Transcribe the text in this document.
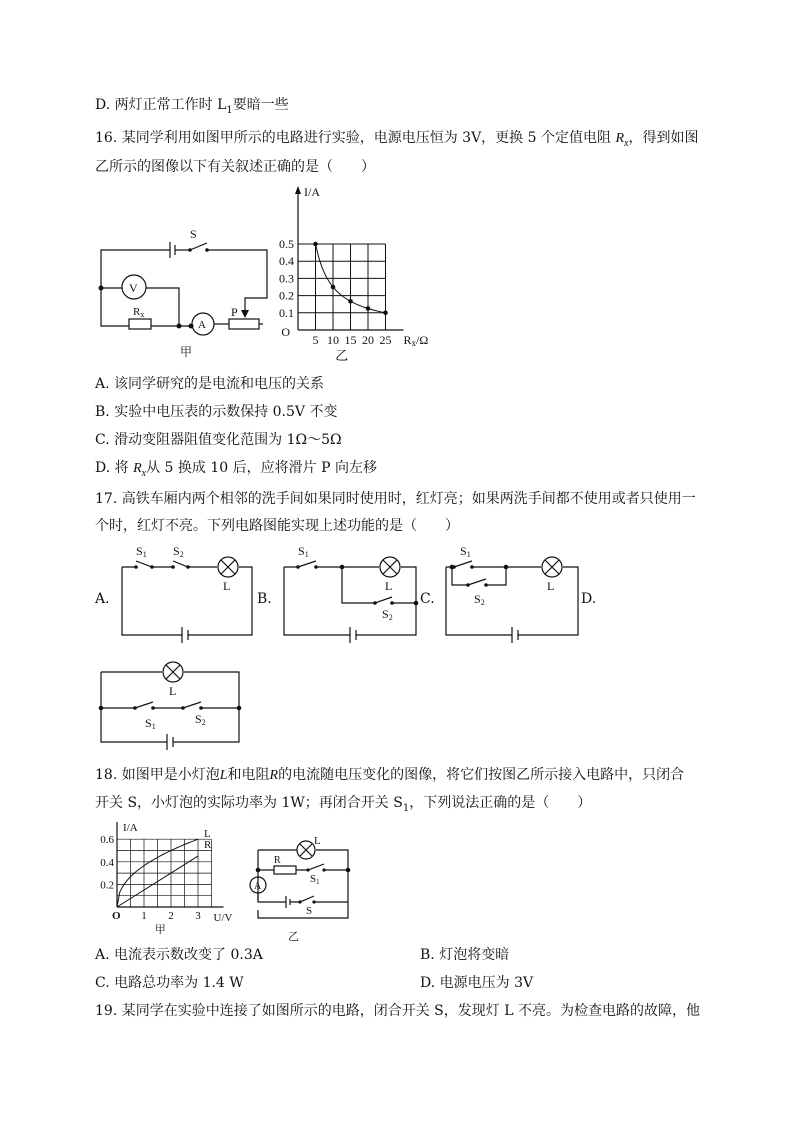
D. 两灯正常工作时 $L_1$要暗一些
16. 某同学利用如图甲所示的电路进行实验，电源电压恒为 3V，更换 5 个定值电阻 $R_x$，得到如图
乙所示的图像以下有关叙述正确的是（　　）
S
V
A
Rx	P
甲
0.1
0.2
0.3
0.4
0.5
5 10 15 20 25
I/A
O
Rx/Ω
乙
A. 该同学研究的是电流和电压的关系
B. 实验中电压表的示数保持 0.5V 不变
C. 滑动变阻器阻值变化范围为 1Ω～5Ω
D. 将 $R_x$从 5 换成 10 后，应将滑片 P 向左移
17. 高铁车厢内两个相邻的洗手间如果同时使用时，红灯亮；如果两洗手间都不使用或者只使用一
个时，红灯不亮。下列电路图能实现上述功能的是（　　）
A.	B.	C.	D.
S1 S2
L
S1
S2
L
S1
S2
L
L
S1
S2
18. 如图甲是小灯泡L和电阻R的电流随电压变化的图像，将它们按图乙所示接入电路中，只闭合
开关 S，小灯泡的实际功率为 1W；再闭合开关 $S_1$，下列说法正确的是（　　）
0.2
0.4
0.6
1 2 3
L
R
I/A
U/V
O
甲
L
R
A
S1
S
乙
A. 电流表示数改变了 0.3A	B. 灯泡将变暗
C. 电路总功率为 1.4 W	D. 电源电压为 3V
19. 某同学在实验中连接了如图所示的电路，闭合开关 S，发现灯 L 不亮。为检查电路的故障，他
